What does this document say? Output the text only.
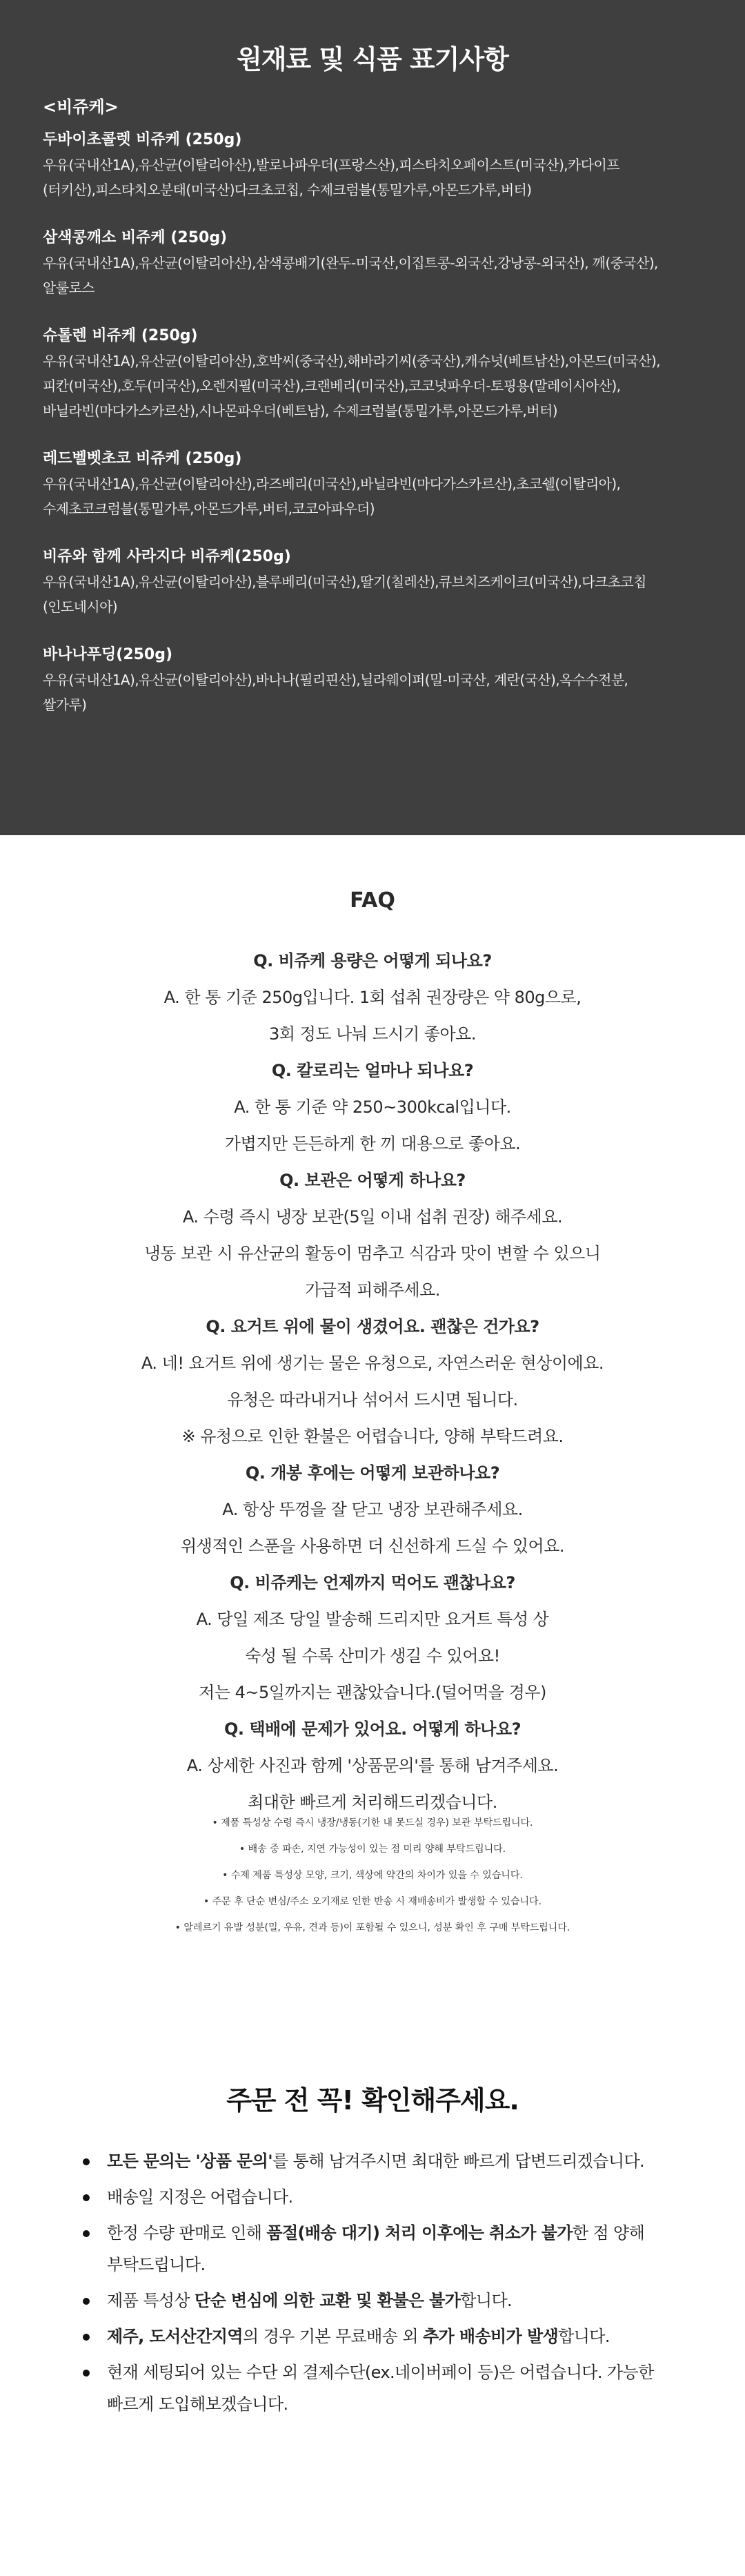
원재료 및 식품 표기사항
<비쥬케>
두바이초콜렛 비쥬케 (250g)
우유(국내산1A),유산균(이탈리아산),발로나파우더(프랑스산),피스타치오페이스트(미국산),카다이프(터키산),피스타치오분태(미국산)다크초코칩, 수제크럼블(통밀가루,아몬드가루,버터)
삼색콩깨소 비쥬케 (250g)
우유(국내산1A),유산균(이탈리아산),삼색콩배기(완두-미국산,이집트콩-외국산,강낭콩-외국산), 깨(중국산),알룰로스
슈톨렌 비쥬케 (250g)
우유(국내산1A),유산균(이탈리아산),호박씨(중국산),해바라기씨(중국산),캐슈넛(베트남산),아몬드(미국산),피칸(미국산),호두(미국산),오렌지필(미국산),크랜베리(미국산),코코넛파우더-토핑용(말레이시아산),바닐라빈(마다가스카르산),시나몬파우더(베트남), 수제크럼블(통밀가루,아몬드가루,버터)
레드벨벳초코 비쥬케 (250g)
우유(국내산1A),유산균(이탈리아산),라즈베리(미국산),바닐라빈(마다가스카르산),초코쉘(이탈리아), 수제초코크럼블(통밀가루,아몬드가루,버터,코코아파우더)
비쥬와 함께 사라지다 비쥬케(250g)
우유(국내산1A),유산균(이탈리아산),블루베리(미국산),딸기(칠레산),큐브치즈케이크(미국산),다크초코칩(인도네시아)
바나나푸딩(250g)
우유(국내산1A),유산균(이탈리아산),바나나(필리핀산),닐라웨이퍼(밀-미국산, 계란(국산),옥수수전분,쌀가루)
FAQ
Q. 비쥬케 용량은 어떻게 되나요?
A. 한 통 기준 250g입니다. 1회 섭취 권장량은 약 80g으로,
3회 정도 나눠 드시기 좋아요.
Q. 칼로리는 얼마나 되나요?
A. 한 통 기준 약 250~300kcal입니다.
가볍지만 든든하게 한 끼 대용으로 좋아요.
Q. 보관은 어떻게 하나요?
A. 수령 즉시 냉장 보관(5일 이내 섭취 권장) 해주세요.
냉동 보관 시 유산균의 활동이 멈추고 식감과 맛이 변할 수 있으니
가급적 피해주세요.
Q. 요거트 위에 물이 생겼어요. 괜찮은 건가요?
A. 네! 요거트 위에 생기는 물은 유청으로, 자연스러운 현상이에요.
유청은 따라내거나 섞어서 드시면 됩니다.
※ 유청으로 인한 환불은 어렵습니다, 양해 부탁드려요.
Q. 개봉 후에는 어떻게 보관하나요?
A. 항상 뚜껑을 잘 닫고 냉장 보관해주세요.
위생적인 스푼을 사용하면 더 신선하게 드실 수 있어요.
Q. 비쥬케는 언제까지 먹어도 괜찮나요?
A. 당일 제조 당일 발송해 드리지만 요거트 특성 상
숙성 될 수록 산미가 생길 수 있어요!
저는 4~5일까지는 괜찮았습니다.(덜어먹을 경우)
Q. 택배에 문제가 있어요. 어떻게 하나요?
A. 상세한 사진과 함께 '상품문의'를 통해 남겨주세요.
최대한 빠르게 처리해드리겠습니다.
• 제품 특성상 수령 즉시 냉장/냉동(기한 내 못드실 경우) 보관 부탁드립니다.
• 배송 중 파손, 지연 가능성이 있는 점 미리 양해 부탁드립니다.
• 수제 제품 특성상 모양, 크기, 색상에 약간의 차이가 있을 수 있습니다.
• 주문 후 단순 변심/주소 오기재로 인한 반송 시 재배송비가 발생할 수 있습니다.
• 알레르기 유발 성분(밀, 우유, 견과 등)이 포함될 수 있으니, 성분 확인 후 구매 부탁드립니다.
주문 전 꼭! 확인해주세요.
모든 문의는 '상품 문의'를 통해 남겨주시면 최대한 빠르게 답변드리겠습니다.
배송일 지정은 어렵습니다.
한정 수량 판매로 인해 품절(배송 대기) 처리 이후에는 취소가 불가한 점 양해 부탁드립니다.
제품 특성상 단순 변심에 의한 교환 및 환불은 불가합니다.
제주, 도서산간지역의 경우 기본 무료배송 외 추가 배송비가 발생합니다.
현재 세팅되어 있는 수단 외 결제수단(ex.네이버페이 등)은 어렵습니다. 가능한 빠르게 도입해보겠습니다.
